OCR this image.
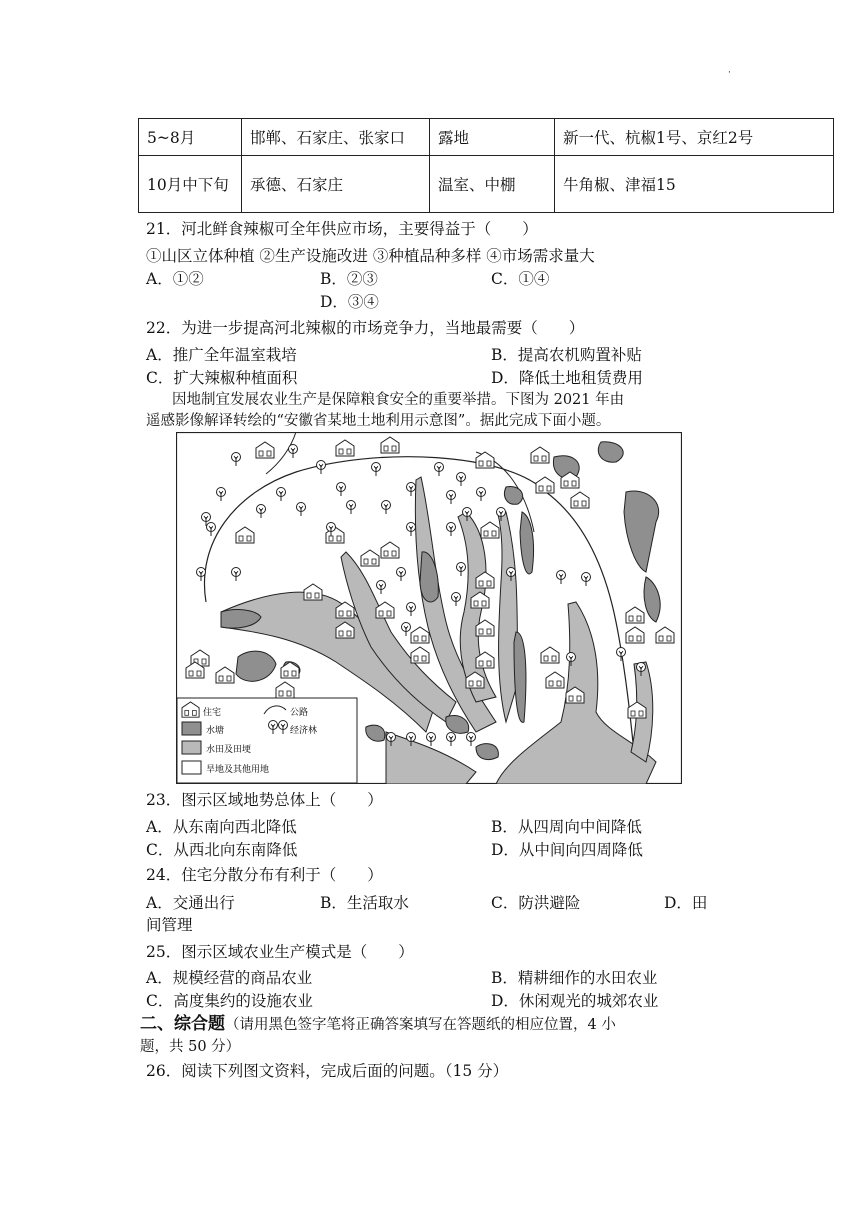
·
5~8月	邯郸、石家庄、张家口	露地	新一代、杭椒1号、京红2号
10月中下旬	承德、石家庄	温室、中棚	牛角椒、津福15
21．河北鲜食辣椒可全年供应市场，主要得益于（　　）
①山区立体种植 ②生产设施改进 ③种植品种多样 ④市场需求量大
A．①②	B．②③	C．①④
D．③④
22．为进一步提高河北辣椒的市场竞争力，当地最需要（　　）
A．推广全年温室栽培	B．提高农机购置补贴
C．扩大辣椒种植面积	D．降低土地租赁费用
因地制宜发展农业生产是保障粮食安全的重要举措。下图为 2021 年由
遥感影像解译转绘的“安徽省某地土地利用示意图”。据此完成下面小题。
住宅	公路
水塘	经济林
水田及田埂
旱地及其他用地
23．图示区域地势总体上（　　）
A．从东南向西北降低	B．从四周向中间降低
C．从西北向东南降低	D．从中间向四周降低
24．住宅分散分布有利于（　　）
A．交通出行	B．生活取水	C．防洪避险	D．田
间管理
25．图示区域农业生产模式是（　　）
A．规模经营的商品农业	B．精耕细作的水田农业
C．高度集约的设施农业	D．休闲观光的城郊农业
二、综合题（请用黑色签字笔将正确答案填写在答题纸的相应位置，4 小
题，共 50 分）
26．阅读下列图文资料，完成后面的问题。（15 分）
